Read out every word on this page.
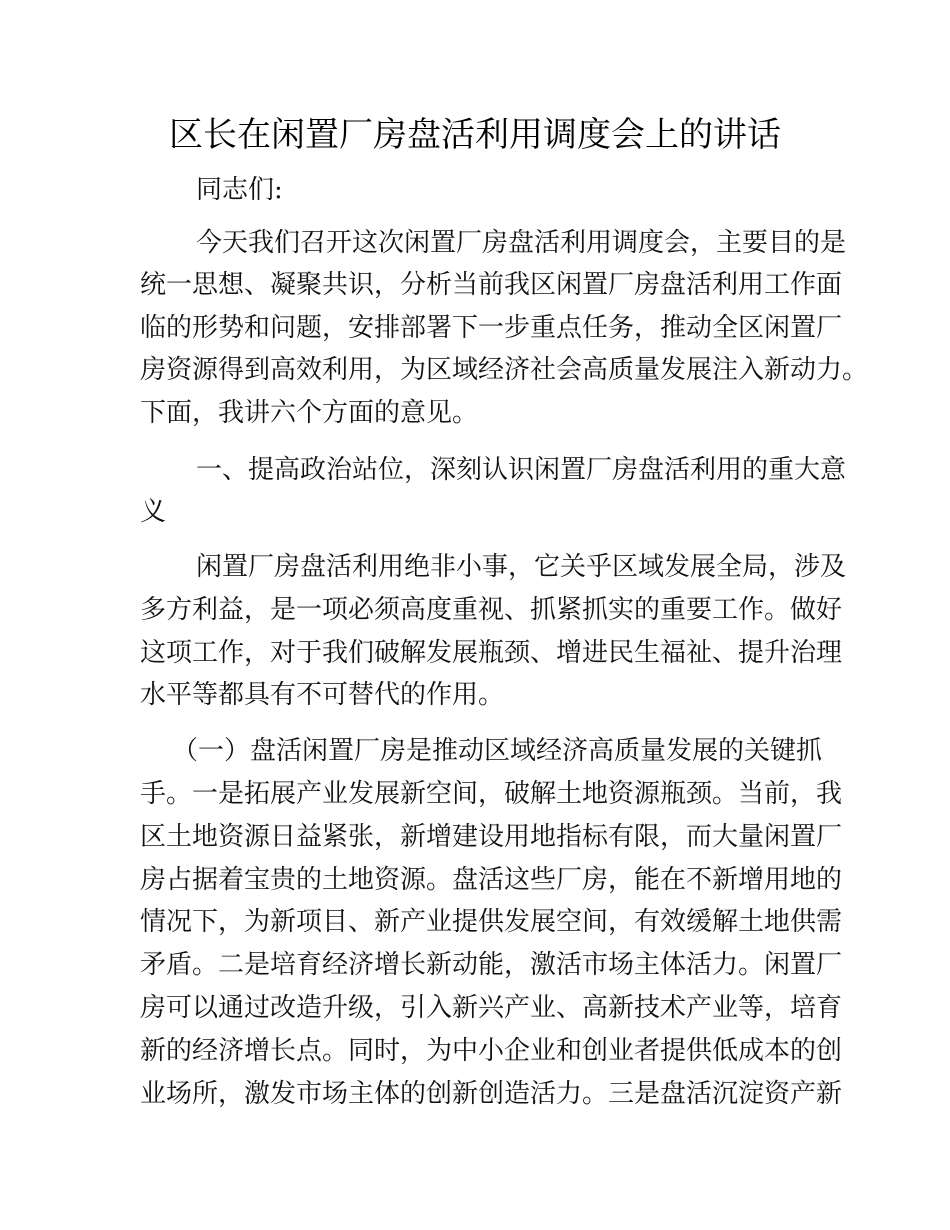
区长在闲置厂房盘活利用调度会上的讲话
同志们:
今天我们召开这次闲置厂房盘活利用调度会，主要目的是
统一思想、凝聚共识，分析当前我区闲置厂房盘活利用工作面
临的形势和问题，安排部署下一步重点任务，推动全区闲置厂
房资源得到高效利用，为区域经济社会高质量发展注入新动力。
下面，我讲六个方面的意见。
一、提高政治站位，深刻认识闲置厂房盘活利用的重大意
义
闲置厂房盘活利用绝非小事，它关乎区域发展全局，涉及
多方利益，是一项必须高度重视、抓紧抓实的重要工作。做好
这项工作，对于我们破解发展瓶颈、增进民生福祉、提升治理
水平等都具有不可替代的作用。
（一）盘活闲置厂房是推动区域经济高质量发展的关键抓
手。一是拓展产业发展新空间，破解土地资源瓶颈。当前，我
区土地资源日益紧张，新增建设用地指标有限，而大量闲置厂
房占据着宝贵的土地资源。盘活这些厂房，能在不新增用地的
情况下，为新项目、新产业提供发展空间，有效缓解土地供需
矛盾。二是培育经济增长新动能，激活市场主体活力。闲置厂
房可以通过改造升级，引入新兴产业、高新技术产业等，培育
新的经济增长点。同时，为中小企业和创业者提供低成本的创
业场所，激发市场主体的创新创造活力。三是盘活沉淀资产新
